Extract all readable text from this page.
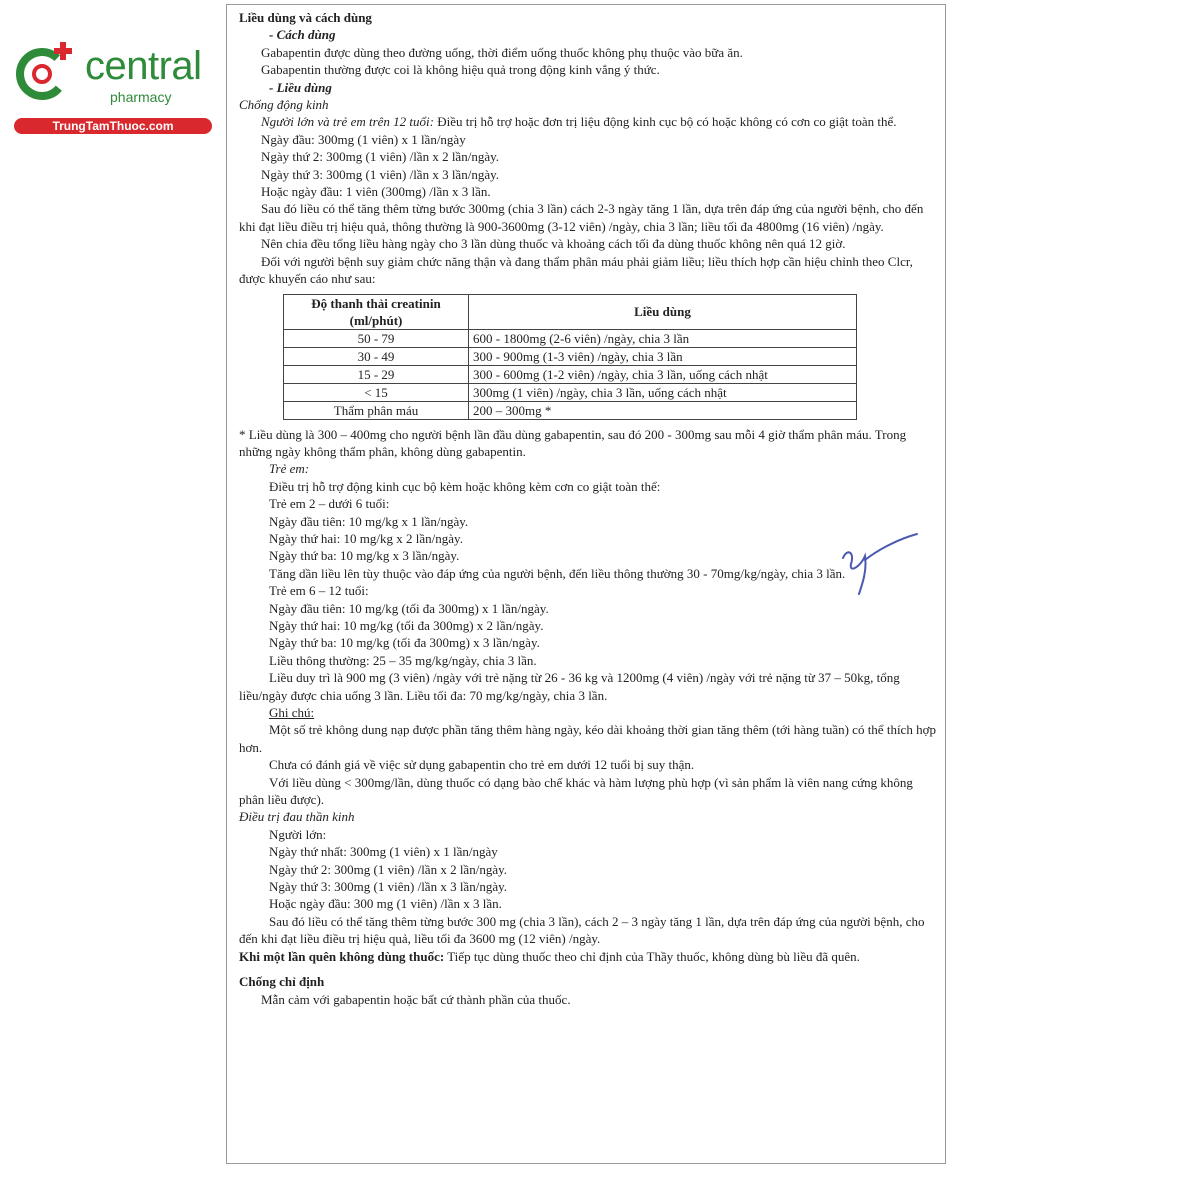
central
pharmacy
TrungTamThuoc.com

Liều dùng và cách dùng

- Cách dùng

Gabapentin được dùng theo đường uống, thời điểm uống thuốc không phụ thuộc vào bữa ăn.

Gabapentin thường được coi là không hiệu quả trong động kinh vắng ý thức.

- Liều dùng

Chống động kinh

Người lớn và trẻ em trên 12 tuổi: Điều trị hỗ trợ hoặc đơn trị liệu động kinh cục bộ có hoặc không có cơn co giật toàn thể.

Ngày đầu: 300mg (1 viên) x 1 lần/ngày

Ngày thứ 2: 300mg (1 viên) /lần x 2 lần/ngày.

Ngày thứ 3: 300mg (1 viên) /lần x 3 lần/ngày.

Hoặc ngày đầu: 1 viên (300mg) /lần x 3 lần.

Sau đó liều có thể tăng thêm từng bước 300mg (chia 3 lần) cách 2-3 ngày tăng 1 lần, dựa trên đáp ứng của người bệnh, cho đến khi đạt liều điều trị hiệu quả, thông thường là 900-3600mg (3-12 viên) /ngày, chia 3 lần; liều tối đa 4800mg (16 viên) /ngày.

Nên chia đều tổng liều hàng ngày cho 3 lần dùng thuốc và khoảng cách tối đa dùng thuốc không nên quá 12 giờ.

Đối với người bệnh suy giảm chức năng thận và đang thẩm phân máu phải giảm liều; liều thích hợp cần hiệu chỉnh theo Clcr, được khuyến cáo như sau:

Độ thanh thải creatinin (ml/phút)	Liều dùng
50 - 79	600 - 1800mg (2-6 viên) /ngày, chia 3 lần
30 - 49	300 - 900mg (1-3 viên) /ngày, chia 3 lần
15 - 29	300 - 600mg (1-2 viên) /ngày, chia 3 lần, uống cách nhật
< 15	300mg (1 viên) /ngày, chia 3 lần, uống cách nhật
Thẩm phân máu	200 – 300mg *

* Liều dùng là 300 – 400mg cho người bệnh lần đầu dùng gabapentin, sau đó 200 - 300mg sau mỗi 4 giờ thẩm phân máu. Trong những ngày không thẩm phân, không dùng gabapentin.

Trẻ em:

Điều trị hỗ trợ động kinh cục bộ kèm hoặc không kèm cơn co giật toàn thể:

Trẻ em 2 – dưới 6 tuổi:

Ngày đầu tiên: 10 mg/kg x 1 lần/ngày.

Ngày thứ hai: 10 mg/kg x 2 lần/ngày.

Ngày thứ ba: 10 mg/kg x 3 lần/ngày.

Tăng dần liều lên tùy thuộc vào đáp ứng của người bệnh, đến liều thông thường 30 - 70mg/kg/ngày, chia 3 lần.

Trẻ em 6 – 12 tuổi:

Ngày đầu tiên: 10 mg/kg (tối đa 300mg) x 1 lần/ngày.

Ngày thứ hai: 10 mg/kg (tối đa 300mg) x 2 lần/ngày.

Ngày thứ ba: 10 mg/kg (tối đa 300mg) x 3 lần/ngày.

Liều thông thường: 25 – 35 mg/kg/ngày, chia 3 lần.

Liều duy trì là 900 mg (3 viên) /ngày với trẻ nặng từ 26 - 36 kg và 1200mg (4 viên) /ngày với trẻ nặng từ 37 – 50kg, tổng liều/ngày được chia uống 3 lần. Liều tối đa: 70 mg/kg/ngày, chia 3 lần.

Ghi chú:

Một số trẻ không dung nạp được phần tăng thêm hàng ngày, kéo dài khoảng thời gian tăng thêm (tới hàng tuần) có thể thích hợp hơn.

Chưa có đánh giá về việc sử dụng gabapentin cho trẻ em dưới 12 tuổi bị suy thận.

Với liều dùng < 300mg/lần, dùng thuốc có dạng bào chế khác và hàm lượng phù hợp (vì sản phẩm là viên nang cứng không phân liều được).

Điều trị đau thần kinh

Người lớn:

Ngày thứ nhất: 300mg (1 viên) x 1 lần/ngày

Ngày thứ 2: 300mg (1 viên) /lần x 2 lần/ngày.

Ngày thứ 3: 300mg (1 viên) /lần x 3 lần/ngày.

Hoặc ngày đầu: 300 mg (1 viên) /lần x 3 lần.

Sau đó liều có thể tăng thêm từng bước 300 mg (chia 3 lần), cách 2 – 3 ngày tăng 1 lần, dựa trên đáp ứng của người bệnh, cho đến khi đạt liều điều trị hiệu quả, liều tối đa 3600 mg (12 viên) /ngày.

Khi một lần quên không dùng thuốc: Tiếp tục dùng thuốc theo chỉ định của Thầy thuốc, không dùng bù liều đã quên.

Chống chỉ định

Mẫn cảm với gabapentin hoặc bất cứ thành phần của thuốc.
